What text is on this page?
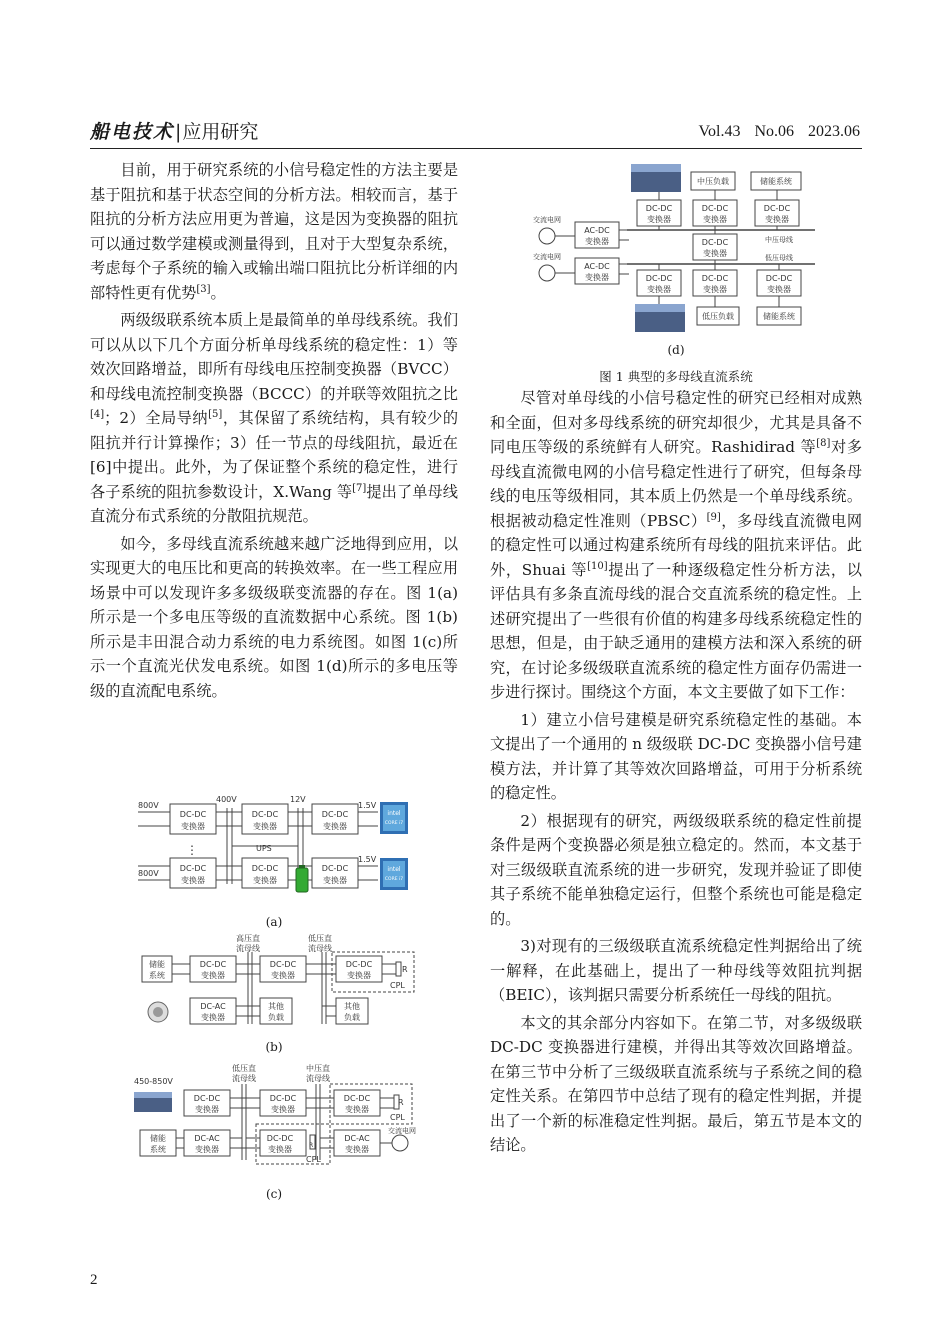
船电技术|应用研究	Vol.43 No.06 2023.06

目前，用于研究系统的小信号稳定性的方法主要是基于阻抗和基于状态空间的分析方法。相较而言，基于阻抗的分析方法应用更为普遍，这是因为变换器的阻抗可以通过数学建模或测量得到，且对于大型复杂系统，考虑每个子系统的输入或输出端口阻抗比分析详细的内部特性更有优势[3]。

两级级联系统本质上是最简单的单母线系统。我们可以从以下几个方面分析单母线系统的稳定性：1）等效次回路增益，即所有母线电压控制变换器（BVCC）和母线电流控制变换器（BCCC）的并联等效阻抗之比[4]；2）全局导纳[5]，其保留了系统结构，具有较少的阻抗并行计算操作；3）任一节点的母线阻抗，最近在[6]中提出。此外，为了保证整个系统的稳定性，进行各子系统的阻抗参数设计，X.Wang 等[7]提出了单母线直流分布式系统的分散阻抗规范。

如今，多母线直流系统越来越广泛地得到应用，以实现更大的电压比和更高的转换效率。在一些工程应用场景中可以发现许多多级级联变流器的存在。图 1(a)所示是一个多电压等级的直流数据中心系统。图 1(b)所示是丰田混合动力系统的电力系统图。如图 1(c)所示一个直流光伏发电系统。如图 1(d)所示的多电压等级的直流配电系统。

800V
800V
400V	12V
1.5V
1.5V
UPS
⋮
DC-DC
变换器
DC-DC
变换器
DC-DC
变换器
DC-DC
变换器
DC-DC
变换器
DC-DC
变换器
intel
CORE i7
intel
CORE i7
(a)
储能
系统
DC-DC
变换器
DC-AC
变换器
DC-DC
变换器
其他
负载
DC-DC
变换器
其他
负载
高压直
流母线
低压直
流母线
R
CPL
(b)
450-850V
低压直
流母线
中压直
流母线
DC-DC
变换器
储能
系统
DC-AC
变换器
DC-DC
变换器
DC-DC
变换器
DC-DC
变换器
DC-AC
变换器
R
CPL
CPL
R
交流电网
(c)
交流电网
交流电网
中压母线
低压母线
AC-DC
变换器
AC-DC
变换器
中压负载	储能系统
DC-DC
变换器
DC-DC
变换器
DC-DC
变换器
DC-DC
变换器
DC-DC
变换器
DC-DC
变换器
DC-DC
变换器
低压负载	储能系统
(d)
图 1 典型的多母线直流系统

尽管对单母线的小信号稳定性的研究已经相对成熟和全面，但对多母线系统的研究却很少，尤其是具备不同电压等级的系统鲜有人研究。Rashidirad 等[8]对多母线直流微电网的小信号稳定性进行了研究，但每条母线的电压等级相同，其本质上仍然是一个单母线系统。根据被动稳定性准则（PBSC）[9]，多母线直流微电网的稳定性可以通过构建系统所有母线的阻抗来评估。此外，Shuai 等[10]提出了一种逐级稳定性分析方法，以评估具有多条直流母线的混合交直流系统的稳定性。上述研究提出了一些很有价值的构建多母线系统稳定性的思想，但是，由于缺乏通用的建模方法和深入系统的研究，在讨论多级级联直流系统的稳定性方面存仍需进一步进行探讨。围绕这个方面，本文主要做了如下工作：

1）建立小信号建模是研究系统稳定性的基础。本文提出了一个通用的 n 级级联 DC-DC 变换器小信号建模方法，并计算了其等效次回路增益，可用于分析系统的稳定性。

2）根据现有的研究，两级级联系统的稳定性前提条件是两个变换器必须是独立稳定的。然而，本文基于对三级级联直流系统的进一步研究，发现并验证了即使其子系统不能单独稳定运行，但整个系统也可能是稳定的。

3)对现有的三级级联直流系统稳定性判据给出了统一解释，在此基础上，提出了一种母线等效阻抗判据（BEIC），该判据只需要分析系统任一母线的阻抗。

本文的其余部分内容如下。在第二节，对多级级联 DC-DC 变换器进行建模，并得出其等效次回路增益。在第三节中分析了三级级联直流系统与子系统之间的稳定性关系。在第四节中总结了现有的稳定性判据，并提出了一个新的标准稳定性判据。最后，第五节是本文的结论。

2
